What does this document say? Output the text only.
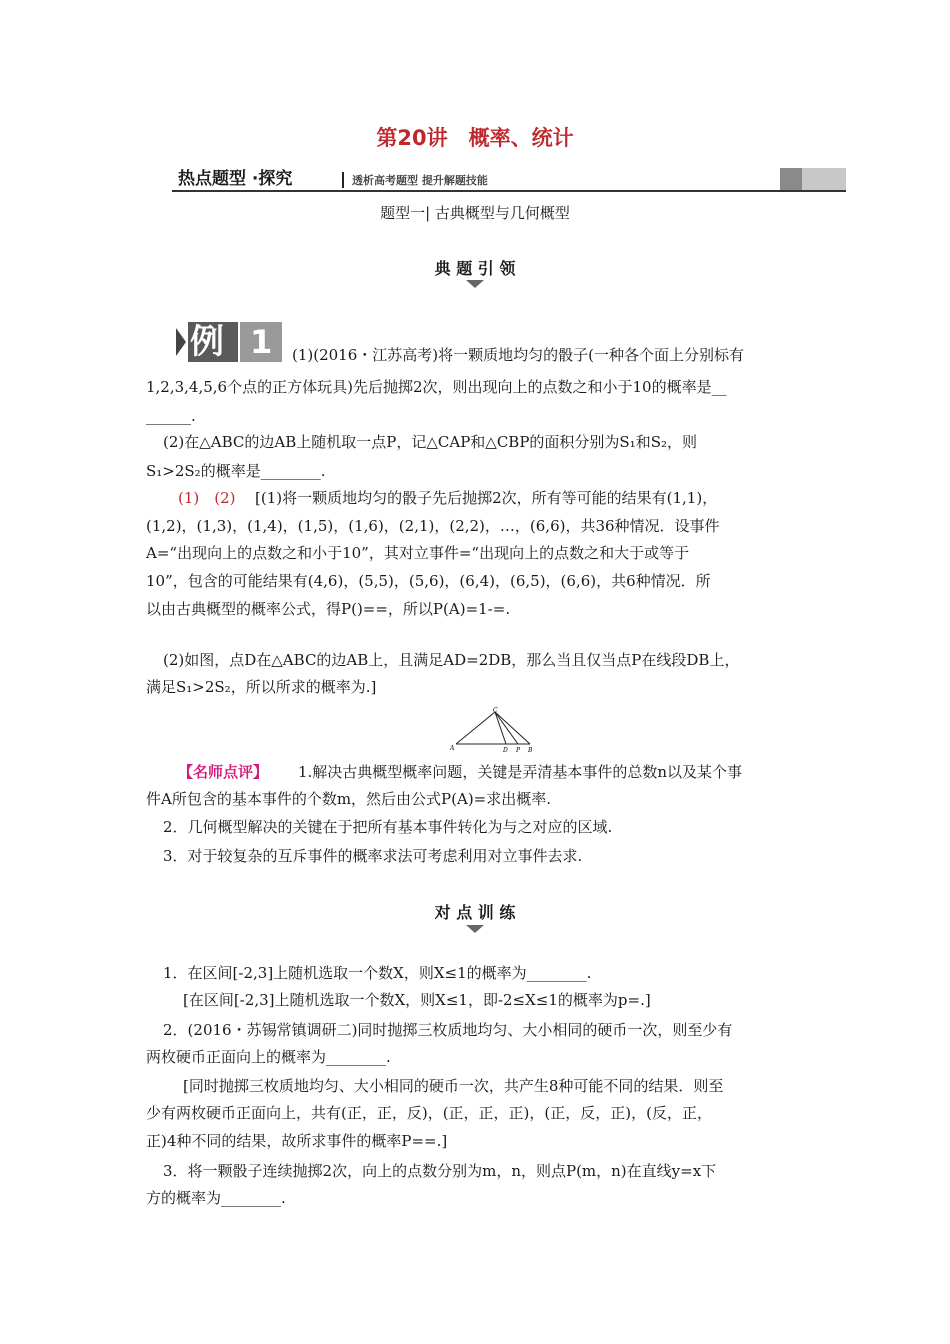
第20讲　概率、统计
热点题型 ·探究	透析高考题型 提升解题技能
题型一| 古典概型与几何概型
典 题 引 领
例 1 (1)(2016・江苏高考)将一颗质地均匀的骰子(一种各个面上分别标有
1,2,3,4,5,6个点的正方体玩具)先后抛掷2次，则出现向上的点数之和小于10的概率是__
______.
(2)在△ABC的边AB上随机取一点P，记△CAP和△CBP的面积分别为S₁和S₂，则
S₁>2S₂的概率是________.
(1)　(2) [(1)将一颗质地均匀的骰子先后抛掷2次，所有等可能的结果有(1,1)，
(1,2)，(1,3)，(1,4)，(1,5)，(1,6)，(2,1)，(2,2)，…，(6,6)，共36种情况．设事件
A=“出现向上的点数之和小于10”，其对立事件=“出现向上的点数之和大于或等于
10”，包含的可能结果有(4,6)，(5,5)，(5,6)，(6,4)，(6,5)，(6,6)，共6种情况．所
以由古典概型的概率公式，得P()==，所以P(A)=1-=.
(2)如图，点D在△ABC的边AB上，且满足AD=2DB，那么当且仅当点P在线段DB上，
满足S₁>2S₂，所以所求的概率为.]
C
A	D P B
【名师点评】 1.解决古典概型概率问题，关键是弄清基本事件的总数n以及某个事
件A所包含的基本事件的个数m，然后由公式P(A)=求出概率.
2．几何概型解决的关键在于把所有基本事件转化为与之对应的区域.
3．对于较复杂的互斥事件的概率求法可考虑利用对立事件去求.
对 点 训 练
1．在区间[-2,3]上随机选取一个数X，则X≤1的概率为________.
[在区间[-2,3]上随机选取一个数X，则X≤1，即-2≤X≤1的概率为p=.]
2．(2016・苏锡常镇调研二)同时抛掷三枚质地均匀、大小相同的硬币一次，则至少有
两枚硬币正面向上的概率为________.
[同时抛掷三枚质地均匀、大小相同的硬币一次，共产生8种可能不同的结果．则至
少有两枚硬币正面向上，共有(正，正，反)，(正，正，正)，(正，反，正)，(反，正，
正)4种不同的结果，故所求事件的概率P==.]
3．将一颗骰子连续抛掷2次，向上的点数分别为m，n，则点P(m，n)在直线y=x下
方的概率为________.
